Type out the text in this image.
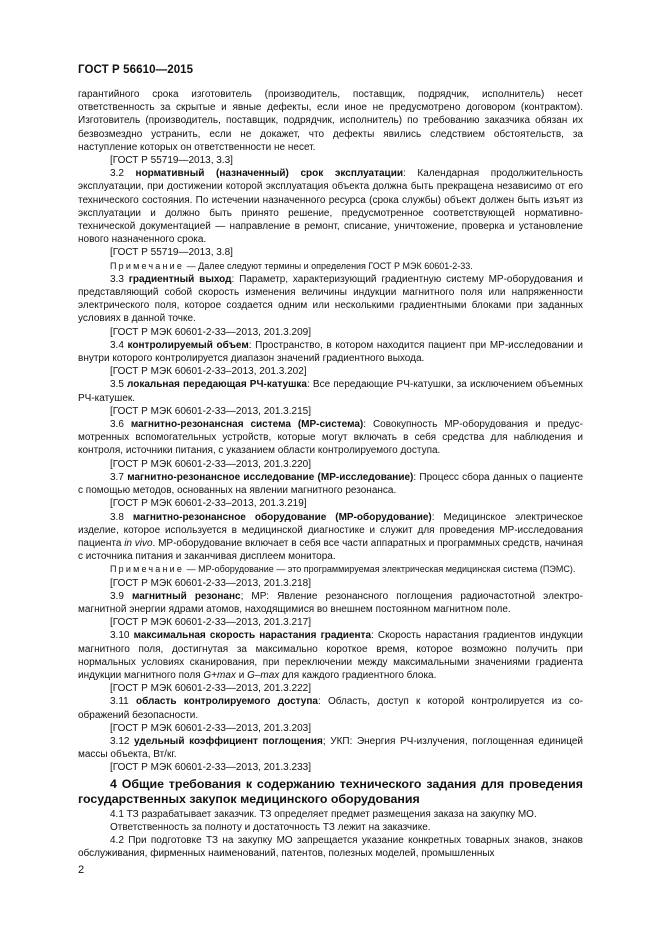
ГОСТ Р 56610—2015

гарантийного срока изготовитель (производитель, поставщик, подрядчик, исполнитель) несет ответственность за скрытые и явные дефекты, если иное не предусмотрено договором (контрактом). Изготовитель (производитель, поставщик, подрядчик, исполнитель) по требованию заказчика обязан их безвозмездно устранить, если не докажет, что дефекты явились следствием обстоятельств, за наступление которых он ответственности не несет.

[ГОСТ Р 55719—2013, 3.3]

3.2 нормативный (назначенный) срок эксплуатации: Календарная продолжительность эксплуатации, при достижении которой эксплуатация объекта должна быть прекращена независимо от его технического состояния. По истечении назначенного ресурса (срока службы) объект должен быть изъят из эксплуатации и должно быть принято решение, предусмотренное соответствующей нормативно-технической документацией — направление в ремонт, списание, уничтожение, проверка и установление нового назначенного срока.

[ГОСТ Р 55719—2013, 3.8]

Примечание — Далее следуют термины и определения ГОСТ Р МЭК 60601-2-33.

3.3 градиентный выход: Параметр, характеризующий градиентную систему МР-оборудования и представляющий собой скорость изменения величины индукции магнитного поля или напряженности электрического поля, которое создается одним или несколькими градиентными блоками при заданных условиях в данной точке.

[ГОСТ Р МЭК 60601-2-33—2013, 201.3.209]

3.4 контролируемый объем: Пространство, в котором находится пациент при МР-исследовании и внутри которого контролируется диапазон значений градиентного выхода.

[ГОСТ Р МЭК 60601-2-33–2013, 201.3.202]

3.5 локальная передающая РЧ-катушка: Все передающие РЧ-катушки, за исключением объемных РЧ-катушек.

[ГОСТ Р МЭК 60601-2-33—2013, 201.3.215]

3.6 магнитно-резонансная система (МР-система): Совокупность МР-оборудования и предусмотренных вспомогательных устройств, которые могут включать в себя средства для наблюдения и контроля, источники питания, с указанием области контролируемого доступа.

[ГОСТ Р МЭК 60601-2-33—2013, 201.3.220]

3.7 магнитно-резонансное исследование (МР-исследование): Процесс сбора данных о пациенте с помощью методов, основанных на явлении магнитного резонанса.

[ГОСТ Р МЭК 60601-2-33–2013, 201.3.219]

3.8 магнитно-резонансное оборудование (МР-оборудование): Медицинское электрическое изделие, которое используется в медицинской диагностике и служит для проведения МР-исследования пациента in vivo. МР-оборудование включает в себя все части аппаратных и программных средств, начиная с источника питания и заканчивая дисплеем монитора.

Примечание — МР-оборудование — это программируемая электрическая медицинская система (ПЭМС).

[ГОСТ Р МЭК 60601-2-33—2013, 201.3.218]

3.9 магнитный резонанс; МР: Явление резонансного поглощения радиочастотной электромагнитной энергии ядрами атомов, находящимися во внешнем постоянном магнитном поле.

[ГОСТ Р МЭК 60601-2-33—2013, 201.3.217]

3.10 максимальная скорость нарастания градиента: Скорость нарастания градиентов индукции магнитного поля, достигнутая за максимально короткое время, которое возможно получить при нормальных условиях сканирования, при переключении между максимальными значениями градиента индукции магнитного поля G+max и G–max для каждого градиентного блока.

[ГОСТ Р МЭК 60601-2-33—2013, 201.3.222]

3.11 область контролируемого доступа: Область, доступ к которой контролируется из соображений безопасности.

[ГОСТ Р МЭК 60601-2-33—2013, 201.3.203]

3.12 удельный коэффициент поглощения; УКП: Энергия РЧ-излучения, поглощенная единицей массы объекта, Вт/кг.

[ГОСТ Р МЭК 60601-2-33—2013, 201.3.233]

4 Общие требования к содержанию технического задания для проведения государственных закупок медицинского оборудования

4.1 ТЗ разрабатывает заказчик. ТЗ определяет предмет размещения заказа на закупку МО.

Ответственность за полноту и достаточность ТЗ лежит на заказчике.

4.2 При подготовке ТЗ на закупку МО запрещается указание конкретных товарных знаков, знаков обслуживания, фирменных наименований, патентов, полезных моделей, промышленных

2
